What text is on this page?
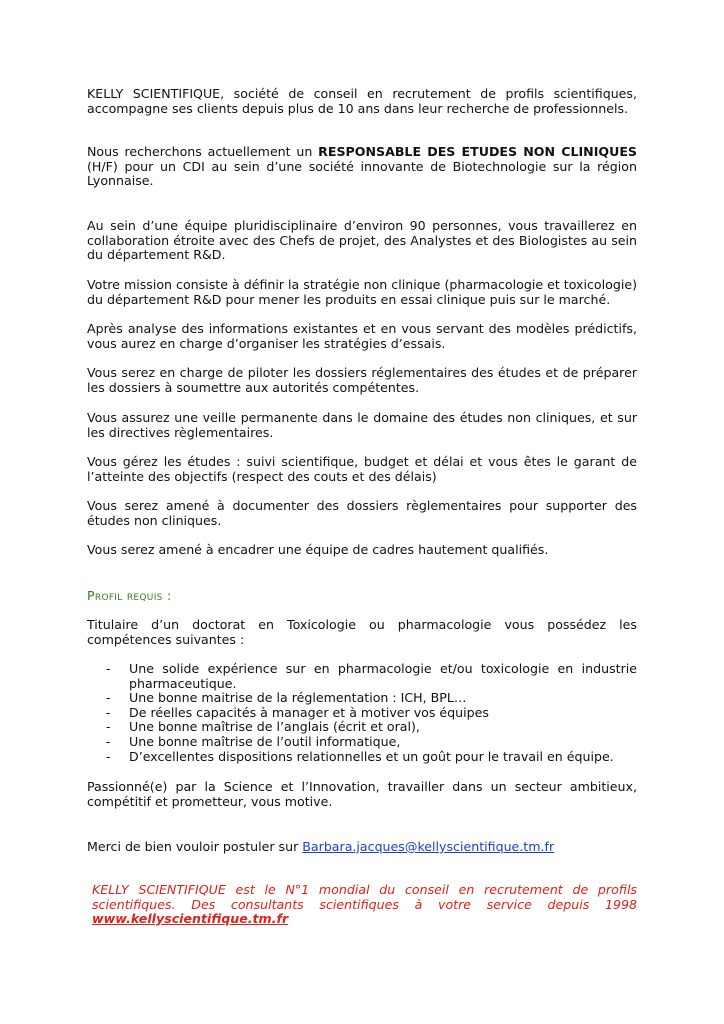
KELLY SCIENTIFIQUE, société de conseil en recrutement de profils scientifiques, accompagne ses clients depuis plus de 10 ans dans leur recherche de professionnels.

Nous recherchons actuellement un RESPONSABLE DES ETUDES NON CLINIQUES (H/F) pour un CDI au sein d’une société innovante de Biotechnologie sur la région Lyonnaise.

Au sein d’une équipe pluridisciplinaire d’environ 90 personnes, vous travaillerez en collaboration étroite avec des Chefs de projet, des Analystes et des Biologistes au sein du département R&D.

Votre mission consiste à définir la stratégie non clinique (pharmacologie et toxicologie) du département R&D pour mener les produits en essai clinique puis sur le marché.

Après analyse des informations existantes et en vous servant des modèles prédictifs, vous aurez en charge d’organiser les stratégies d’essais.

Vous serez en charge de piloter les dossiers réglementaires des études et de préparer les dossiers à soumettre aux autorités compétentes.

Vous assurez une veille permanente dans le domaine des études non cliniques, et sur les directives règlementaires.

Vous gérez les études : suivi scientifique, budget et délai et vous êtes le garant de l’atteinte des objectifs (respect des couts et des délais)

Vous serez amené à documenter des dossiers règlementaires pour supporter des études non cliniques.

Vous serez amené à encadrer une équipe de cadres hautement qualifiés.

Profil requis :

Titulaire d’un doctorat en Toxicologie ou pharmacologie vous possédez les compétences suivantes :

- Une solide expérience sur en pharmacologie et/ou toxicologie en industrie pharmaceutique.
- Une bonne maitrise de la réglementation : ICH, BPL…
- De réelles capacités à manager et à motiver vos équipes
- Une bonne maîtrise de l’anglais (écrit et oral),
- Une bonne maîtrise de l’outil informatique,
- D’excellentes dispositions relationnelles et un goût pour le travail en équipe.

Passionné(e) par la Science et l’Innovation, travailler dans un secteur ambitieux, compétitif et prometteur, vous motive.

Merci de bien vouloir postuler sur Barbara.jacques@kellyscientifique.tm.fr

KELLY SCIENTIFIQUE est le N°1 mondial du conseil en recrutement de profils
scientifiques. Des consultants scientifiques à votre service depuis 1998
www.kellyscientifique.tm.fr
